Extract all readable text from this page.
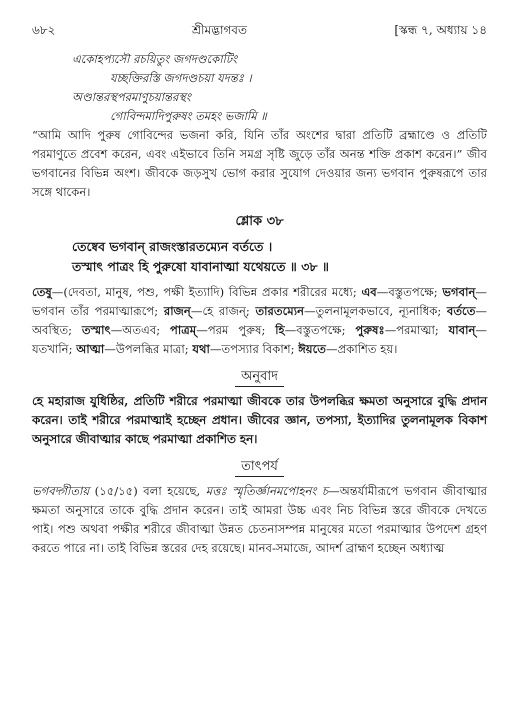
৬৮২	শ্রীমদ্ভাগবত	[স্কন্ধ ৭, অধ্যায় ১৪
একোহপ্যসৌ রচয়িতুং জগদণ্ডকোটিং
যচ্ছক্তিরস্তি জগদণ্ডচয়া যদন্তঃ ।
অণ্ডান্তরস্থপরমাণুচয়ান্তরস্থং
গোবিন্দমাদিপুরুষং তমহং ভজামি ॥
“আমি আদি পুরুষ গোবিন্দের ভজনা করি, যিনি তাঁর অংশের দ্বারা প্রতিটি ব্রহ্মাণ্ডে ও প্রতিটি পরমাণুতে প্রবেশ করেন, এবং এইভাবে তিনি সমগ্র সৃষ্টি জুড়ে তাঁর অনন্ত শক্তি প্রকাশ করেন।” জীব ভগবানের বিভিন্ন অংশ। জীবকে জড়সুখ ভোগ করার সুযোগ দেওয়ার জন্য ভগবান পুরুষরূপে তার সঙ্গে থাকেন।
শ্লোক ৩৮
তেষ্বেব ভগবান্ রাজংস্তারতম্যেন বর্ততে ।
তস্মাৎ পাত্রং হি পুরুষো যাবানাত্মা যথেয়তে ॥ ৩৮ ॥
তেষু—(দেবতা, মানুষ, পশু, পক্ষী ইত্যাদি) বিভিন্ন প্রকার শরীরের মধ্যে; এব—বস্তুতপক্ষে; ভগবান্—ভগবান তাঁর পরমাত্মারূপে; রাজন্—হে রাজন্; তারতম্যেন—তুলনামূলকভাবে, ন্যূনাধিক; বর্ততে—অবস্থিত; তস্মাৎ—অতএব; পাত্রম্—পরম পুরুষ; হি—বস্তুতপক্ষে; পুরুষঃ—পরমাত্মা; যাবান্—যতখানি; আত্মা—উপলব্ধির মাত্রা; যথা—তপস্যার বিকাশ; ঈয়তে—প্রকাশিত হয়।
অনুবাদ
হে মহারাজ যুধিষ্ঠির, প্রতিটি শরীরে পরমাত্মা জীবকে তার উপলব্ধির ক্ষমতা অনুসারে বুদ্ধি প্রদান করেন। তাই শরীরে পরমাত্মাই হচ্ছেন প্রধান। জীবের জ্ঞান, তপস্যা, ইত্যাদির তুলনামূলক বিকাশ অনুসারে জীবাত্মার কাছে পরমাত্মা প্রকাশিত হন।
তাৎপর্য
ভগবদ্গীতায় (১৫/১৫) বলা হয়েছে, মত্তঃ স্মৃতির্জ্ঞানমপোহনং চ—অন্তর্যামীরূপে ভগবান জীবাত্মার ক্ষমতা অনুসারে তাকে বুদ্ধি প্রদান করেন। তাই আমরা উচ্চ এবং নিচ বিভিন্ন স্তরে জীবকে দেখতে পাই। পশু অথবা পক্ষীর শরীরে জীবাত্মা উন্নত চেতনাসম্পন্ন মানুষের মতো পরমাত্মার উপদেশ গ্রহণ করতে পারে না। তাই বিভিন্ন স্তরের দেহ রয়েছে। মানব-সমাজে, আদর্শ ব্রাহ্মণ হচ্ছেন অধ্যাত্ম
